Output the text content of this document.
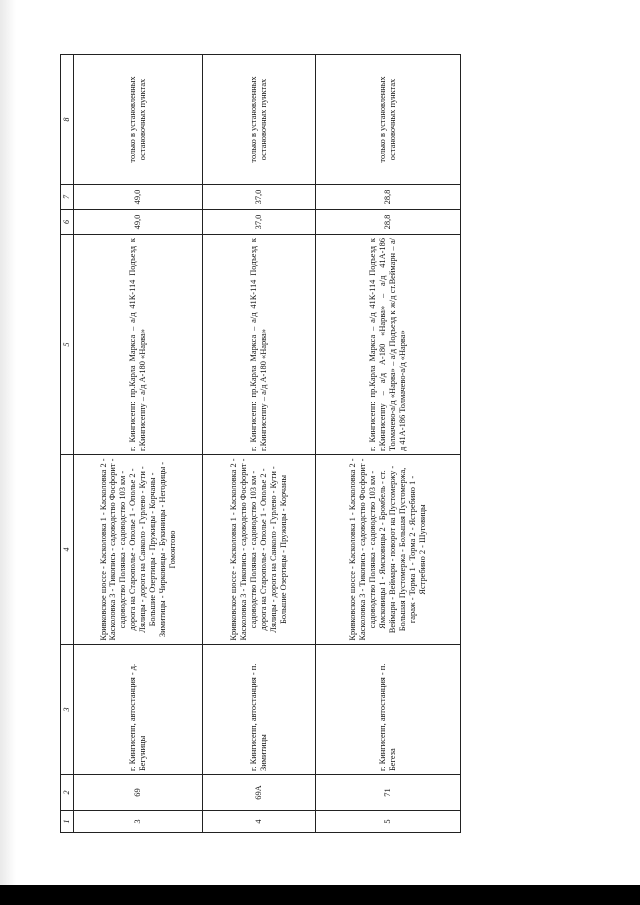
1	2	3	4	5	6	7	8
3	69	г. Кингисепп, автостанция - д. Бегуницы	Кривковское шоссе - Касколовка 1 - Касколовка 2 - Касколовка 3 - Тикопись - садоводство Фосфорит - садоводство Полянка - садоводство 103 км - дорога на Старополье - Ополье 1 - Ополье 2 - Лялицы - дорога на Санколо - Гурлево - Кути - Большие Озертицы - Пружицы - Корчаны - Зимитицы - Чирковицы - Букиницы - Негодицы - Гомонтово	г. Кингисепп: пр.Карла Маркса – а/д 41К-114 Подъезд к г.Кингисеппу – а/д А-180 «Нарва»	49,0	49,0	только в установленных остановочных пунктах
4	69А	г. Кингисепп, автостанция - п. Зимитицы	Кривковское шоссе - Касколовка 1 - Касколовка 2 - Касколовка 3 - Тикопись - садоводство Фосфорит - садоводство Полянка - садоводство 103 км - дорога на Старополье - Ополье 1 - Ополье 2 - Лялицы - дорога на Санколо - Гурлево - Кути - Большие Озертицы - Пружицы - Корчаны	г. Кингисепп: пр.Карла Маркса – а/д 41К-114 Подъезд к г.Кингисеппу – а/д А-180 «Нарва»	37,0	37,0	только в установленных остановочных пунктах
5	71	г. Кингисепп, автостанция - п. Бегеза	Кривковское шоссе - Касколовка 1 - Касколовка 2 - Касколовка 3 - Тикопись - садоводство Фосфорит - садоводство Полянка - садоводство 103 км - Ямсковицы 1 - Ямсковицы 2 - Бромбель - ст. Веймарн - Веймарн - поворот на Пустомержу - Большая Пустомержа - Большая Пустомержа, гараж - Торма 1 - Торма 2 - Ястребино 1 - Ястребино 2 - Шуговицы	г. Кингисепп: пр.Карла Маркса – а/д 41К-114 Подъезд к г.Кингисеппу – а/д А-180 «Нарва» – а/д 41А-186 Толмачево-а/д «Нарва» – а/д Подъезд к ж/д ст.Веймарн – а/д 41А-186 Толмачево-а/д «Нарва»	28,8	28,8	только в установленных остановочных пунктах
